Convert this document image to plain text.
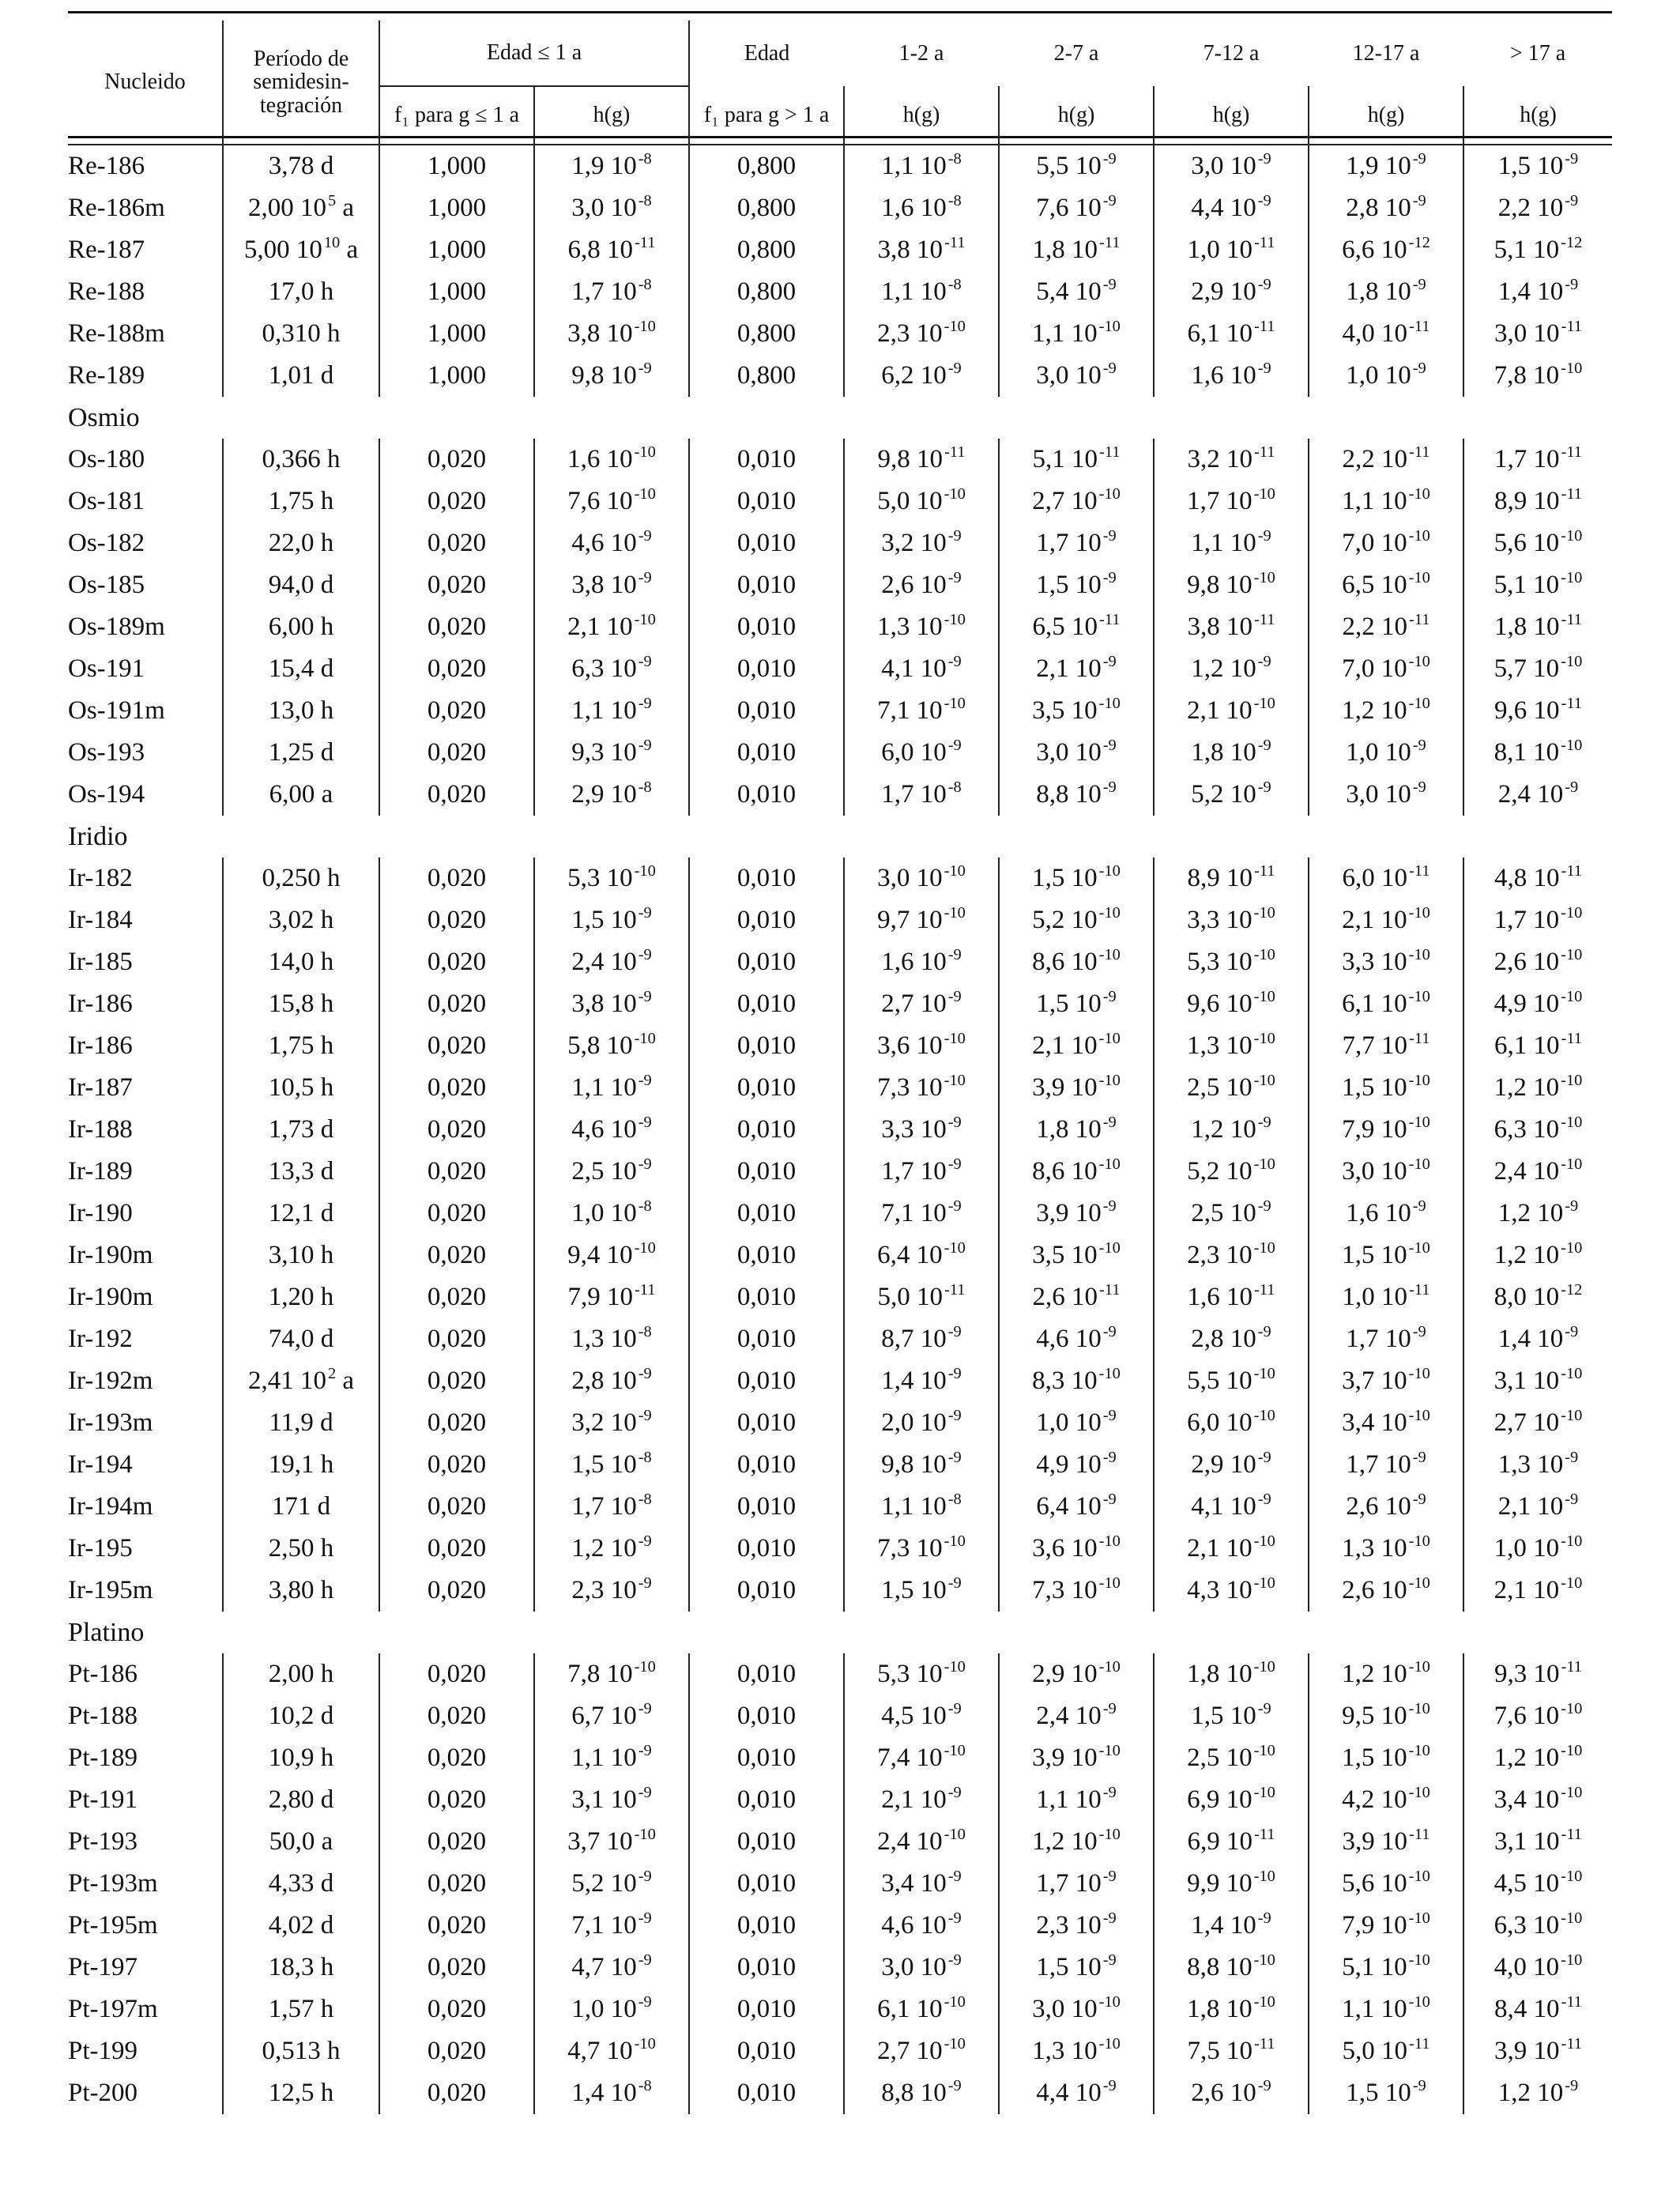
Nucleido	Período de semidesin-tegración	Edad ≤ 1 a		Edad	1-2 a	2-7 a	7-12 a	12-17 a	> 17 a
		f₁ para g ≤ 1 a	h(g)	f₁ para g > 1 a	h(g)	h(g)	h(g)	h(g)	h(g)
Re-186	3,78 d	1,000	1,9 $10^{-8}$	0,800	1,1 $10^{-8}$	5,5 $10^{-9}$	3,0 $10^{-9}$	1,9 $10^{-9}$	1,5 $10^{-9}$
Re-186m	2,00 $10^5$ a	1,000	3,0 $10^{-8}$	0,800	1,6 $10^{-8}$	7,6 $10^{-9}$	4,4 $10^{-9}$	2,8 $10^{-9}$	2,2 $10^{-9}$
Re-187	5,00 $10^{10}$ a	1,000	6,8 $10^{-11}$	0,800	3,8 $10^{-11}$	1,8 $10^{-11}$	1,0 $10^{-11}$	6,6 $10^{-12}$	5,1 $10^{-12}$
Re-188	17,0 h	1,000	1,7 $10^{-8}$	0,800	1,1 $10^{-8}$	5,4 $10^{-9}$	2,9 $10^{-9}$	1,8 $10^{-9}$	1,4 $10^{-9}$
Re-188m	0,310 h	1,000	3,8 $10^{-10}$	0,800	2,3 $10^{-10}$	1,1 $10^{-10}$	6,1 $10^{-11}$	4,0 $10^{-11}$	3,0 $10^{-11}$
Re-189	1,01 d	1,000	9,8 $10^{-9}$	0,800	6,2 $10^{-9}$	3,0 $10^{-9}$	1,6 $10^{-9}$	1,0 $10^{-9}$	7,8 $10^{-10}$
Osmio									
Os-180	0,366 h	0,020	1,6 $10^{-10}$	0,010	9,8 $10^{-11}$	5,1 $10^{-11}$	3,2 $10^{-11}$	2,2 $10^{-11}$	1,7 $10^{-11}$
Os-181	1,75 h	0,020	7,6 $10^{-10}$	0,010	5,0 $10^{-10}$	2,7 $10^{-10}$	1,7 $10^{-10}$	1,1 $10^{-10}$	8,9 $10^{-11}$
Os-182	22,0 h	0,020	4,6 $10^{-9}$	0,010	3,2 $10^{-9}$	1,7 $10^{-9}$	1,1 $10^{-9}$	7,0 $10^{-10}$	5,6 $10^{-10}$
Os-185	94,0 d	0,020	3,8 $10^{-9}$	0,010	2,6 $10^{-9}$	1,5 $10^{-9}$	9,8 $10^{-10}$	6,5 $10^{-10}$	5,1 $10^{-10}$
Os-189m	6,00 h	0,020	2,1 $10^{-10}$	0,010	1,3 $10^{-10}$	6,5 $10^{-11}$	3,8 $10^{-11}$	2,2 $10^{-11}$	1,8 $10^{-11}$
Os-191	15,4 d	0,020	6,3 $10^{-9}$	0,010	4,1 $10^{-9}$	2,1 $10^{-9}$	1,2 $10^{-9}$	7,0 $10^{-10}$	5,7 $10^{-10}$
Os-191m	13,0 h	0,020	1,1 $10^{-9}$	0,010	7,1 $10^{-10}$	3,5 $10^{-10}$	2,1 $10^{-10}$	1,2 $10^{-10}$	9,6 $10^{-11}$
Os-193	1,25 d	0,020	9,3 $10^{-9}$	0,010	6,0 $10^{-9}$	3,0 $10^{-9}$	1,8 $10^{-9}$	1,0 $10^{-9}$	8,1 $10^{-10}$
Os-194	6,00 a	0,020	2,9 $10^{-8}$	0,010	1,7 $10^{-8}$	8,8 $10^{-9}$	5,2 $10^{-9}$	3,0 $10^{-9}$	2,4 $10^{-9}$
Iridio									
Ir-182	0,250 h	0,020	5,3 $10^{-10}$	0,010	3,0 $10^{-10}$	1,5 $10^{-10}$	8,9 $10^{-11}$	6,0 $10^{-11}$	4,8 $10^{-11}$
Ir-184	3,02 h	0,020	1,5 $10^{-9}$	0,010	9,7 $10^{-10}$	5,2 $10^{-10}$	3,3 $10^{-10}$	2,1 $10^{-10}$	1,7 $10^{-10}$
Ir-185	14,0 h	0,020	2,4 $10^{-9}$	0,010	1,6 $10^{-9}$	8,6 $10^{-10}$	5,3 $10^{-10}$	3,3 $10^{-10}$	2,6 $10^{-10}$
Ir-186	15,8 h	0,020	3,8 $10^{-9}$	0,010	2,7 $10^{-9}$	1,5 $10^{-9}$	9,6 $10^{-10}$	6,1 $10^{-10}$	4,9 $10^{-10}$
Ir-186	1,75 h	0,020	5,8 $10^{-10}$	0,010	3,6 $10^{-10}$	2,1 $10^{-10}$	1,3 $10^{-10}$	7,7 $10^{-11}$	6,1 $10^{-11}$
Ir-187	10,5 h	0,020	1,1 $10^{-9}$	0,010	7,3 $10^{-10}$	3,9 $10^{-10}$	2,5 $10^{-10}$	1,5 $10^{-10}$	1,2 $10^{-10}$
Ir-188	1,73 d	0,020	4,6 $10^{-9}$	0,010	3,3 $10^{-9}$	1,8 $10^{-9}$	1,2 $10^{-9}$	7,9 $10^{-10}$	6,3 $10^{-10}$
Ir-189	13,3 d	0,020	2,5 $10^{-9}$	0,010	1,7 $10^{-9}$	8,6 $10^{-10}$	5,2 $10^{-10}$	3,0 $10^{-10}$	2,4 $10^{-10}$
Ir-190	12,1 d	0,020	1,0 $10^{-8}$	0,010	7,1 $10^{-9}$	3,9 $10^{-9}$	2,5 $10^{-9}$	1,6 $10^{-9}$	1,2 $10^{-9}$
Ir-190m	3,10 h	0,020	9,4 $10^{-10}$	0,010	6,4 $10^{-10}$	3,5 $10^{-10}$	2,3 $10^{-10}$	1,5 $10^{-10}$	1,2 $10^{-10}$
Ir-190m	1,20 h	0,020	7,9 $10^{-11}$	0,010	5,0 $10^{-11}$	2,6 $10^{-11}$	1,6 $10^{-11}$	1,0 $10^{-11}$	8,0 $10^{-12}$
Ir-192	74,0 d	0,020	1,3 $10^{-8}$	0,010	8,7 $10^{-9}$	4,6 $10^{-9}$	2,8 $10^{-9}$	1,7 $10^{-9}$	1,4 $10^{-9}$
Ir-192m	2,41 $10^2$ a	0,020	2,8 $10^{-9}$	0,010	1,4 $10^{-9}$	8,3 $10^{-10}$	5,5 $10^{-10}$	3,7 $10^{-10}$	3,1 $10^{-10}$
Ir-193m	11,9 d	0,020	3,2 $10^{-9}$	0,010	2,0 $10^{-9}$	1,0 $10^{-9}$	6,0 $10^{-10}$	3,4 $10^{-10}$	2,7 $10^{-10}$
Ir-194	19,1 h	0,020	1,5 $10^{-8}$	0,010	9,8 $10^{-9}$	4,9 $10^{-9}$	2,9 $10^{-9}$	1,7 $10^{-9}$	1,3 $10^{-9}$
Ir-194m	171 d	0,020	1,7 $10^{-8}$	0,010	1,1 $10^{-8}$	6,4 $10^{-9}$	4,1 $10^{-9}$	2,6 $10^{-9}$	2,1 $10^{-9}$
Ir-195	2,50 h	0,020	1,2 $10^{-9}$	0,010	7,3 $10^{-10}$	3,6 $10^{-10}$	2,1 $10^{-10}$	1,3 $10^{-10}$	1,0 $10^{-10}$
Ir-195m	3,80 h	0,020	2,3 $10^{-9}$	0,010	1,5 $10^{-9}$	7,3 $10^{-10}$	4,3 $10^{-10}$	2,6 $10^{-10}$	2,1 $10^{-10}$
Platino									
Pt-186	2,00 h	0,020	7,8 $10^{-10}$	0,010	5,3 $10^{-10}$	2,9 $10^{-10}$	1,8 $10^{-10}$	1,2 $10^{-10}$	9,3 $10^{-11}$
Pt-188	10,2 d	0,020	6,7 $10^{-9}$	0,010	4,5 $10^{-9}$	2,4 $10^{-9}$	1,5 $10^{-9}$	9,5 $10^{-10}$	7,6 $10^{-10}$
Pt-189	10,9 h	0,020	1,1 $10^{-9}$	0,010	7,4 $10^{-10}$	3,9 $10^{-10}$	2,5 $10^{-10}$	1,5 $10^{-10}$	1,2 $10^{-10}$
Pt-191	2,80 d	0,020	3,1 $10^{-9}$	0,010	2,1 $10^{-9}$	1,1 $10^{-9}$	6,9 $10^{-10}$	4,2 $10^{-10}$	3,4 $10^{-10}$
Pt-193	50,0 a	0,020	3,7 $10^{-10}$	0,010	2,4 $10^{-10}$	1,2 $10^{-10}$	6,9 $10^{-11}$	3,9 $10^{-11}$	3,1 $10^{-11}$
Pt-193m	4,33 d	0,020	5,2 $10^{-9}$	0,010	3,4 $10^{-9}$	1,7 $10^{-9}$	9,9 $10^{-10}$	5,6 $10^{-10}$	4,5 $10^{-10}$
Pt-195m	4,02 d	0,020	7,1 $10^{-9}$	0,010	4,6 $10^{-9}$	2,3 $10^{-9}$	1,4 $10^{-9}$	7,9 $10^{-10}$	6,3 $10^{-10}$
Pt-197	18,3 h	0,020	4,7 $10^{-9}$	0,010	3,0 $10^{-9}$	1,5 $10^{-9}$	8,8 $10^{-10}$	5,1 $10^{-10}$	4,0 $10^{-10}$
Pt-197m	1,57 h	0,020	1,0 $10^{-9}$	0,010	6,1 $10^{-10}$	3,0 $10^{-10}$	1,8 $10^{-10}$	1,1 $10^{-10}$	8,4 $10^{-11}$
Pt-199	0,513 h	0,020	4,7 $10^{-10}$	0,010	2,7 $10^{-10}$	1,3 $10^{-10}$	7,5 $10^{-11}$	5,0 $10^{-11}$	3,9 $10^{-11}$
Pt-200	12,5 h	0,020	1,4 $10^{-8}$	0,010	8,8 $10^{-9}$	4,4 $10^{-9}$	2,6 $10^{-9}$	1,5 $10^{-9}$	1,2 $10^{-9}$
